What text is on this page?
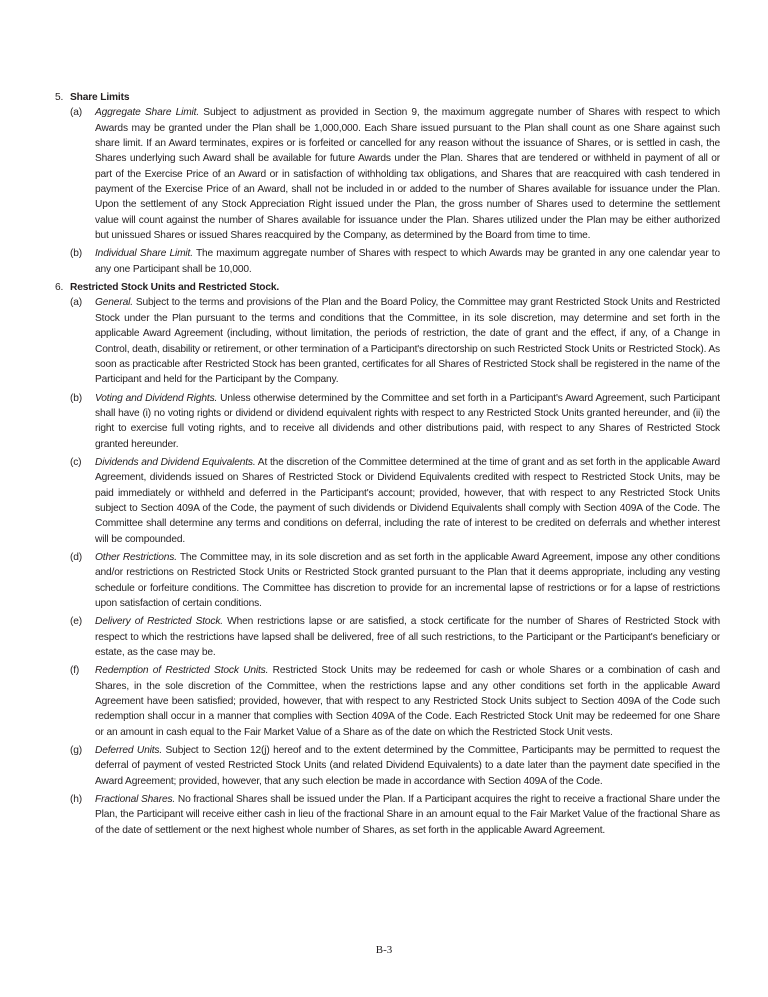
5. Share Limits
(a)	Aggregate Share Limit. Subject to adjustment as provided in Section 9, the maximum aggregate number of Shares with respect to which Awards may be granted under the Plan shall be 1,000,000. Each Share issued pursuant to the Plan shall count as one Share against such share limit. If an Award terminates, expires or is forfeited or cancelled for any reason without the issuance of Shares, or is settled in cash, the Shares underlying such Award shall be available for future Awards under the Plan. Shares that are tendered or withheld in payment of all or part of the Exercise Price of an Award or in satisfaction of withholding tax obligations, and Shares that are reacquired with cash tendered in payment of the Exercise Price of an Award, shall not be included in or added to the number of Shares available for issuance under the Plan. Upon the settlement of any Stock Appreciation Right issued under the Plan, the gross number of Shares used to determine the settlement value will count against the number of Shares available for issuance under the Plan. Shares utilized under the Plan may be either authorized but unissued Shares or issued Shares reacquired by the Company, as determined by the Board from time to time.
(b)	Individual Share Limit. The maximum aggregate number of Shares with respect to which Awards may be granted in any one calendar year to any one Participant shall be 10,000.
6. Restricted Stock Units and Restricted Stock.
(a)	General. Subject to the terms and provisions of the Plan and the Board Policy, the Committee may grant Restricted Stock Units and Restricted Stock under the Plan pursuant to the terms and conditions that the Committee, in its sole discretion, may determine and set forth in the applicable Award Agreement (including, without limitation, the periods of restriction, the date of grant and the effect, if any, of a Change in Control, death, disability or retirement, or other termination of a Participant's directorship on such Restricted Stock Units or Restricted Stock). As soon as practicable after Restricted Stock has been granted, certificates for all Shares of Restricted Stock shall be registered in the name of the Participant and held for the Participant by the Company.
(b)	Voting and Dividend Rights. Unless otherwise determined by the Committee and set forth in a Participant's Award Agreement, such Participant shall have (i) no voting rights or dividend or dividend equivalent rights with respect to any Restricted Stock Units granted hereunder, and (ii) the right to exercise full voting rights, and to receive all dividends and other distributions paid, with respect to any Shares of Restricted Stock granted hereunder.
(c)	Dividends and Dividend Equivalents. At the discretion of the Committee determined at the time of grant and as set forth in the applicable Award Agreement, dividends issued on Shares of Restricted Stock or Dividend Equivalents credited with respect to Restricted Stock Units, may be paid immediately or withheld and deferred in the Participant's account; provided, however, that with respect to any Restricted Stock Units subject to Section 409A of the Code, the payment of such dividends or Dividend Equivalents shall comply with Section 409A of the Code. The Committee shall determine any terms and conditions on deferral, including the rate of interest to be credited on deferrals and whether interest will be compounded.
(d)	Other Restrictions. The Committee may, in its sole discretion and as set forth in the applicable Award Agreement, impose any other conditions and/or restrictions on Restricted Stock Units or Restricted Stock granted pursuant to the Plan that it deems appropriate, including any vesting schedule or forfeiture conditions. The Committee has discretion to provide for an incremental lapse of restrictions or for a lapse of restrictions upon satisfaction of certain conditions.
(e)	Delivery of Restricted Stock. When restrictions lapse or are satisfied, a stock certificate for the number of Shares of Restricted Stock with respect to which the restrictions have lapsed shall be delivered, free of all such restrictions, to the Participant or the Participant's beneficiary or estate, as the case may be.
(f)	Redemption of Restricted Stock Units. Restricted Stock Units may be redeemed for cash or whole Shares or a combination of cash and Shares, in the sole discretion of the Committee, when the restrictions lapse and any other conditions set forth in the applicable Award Agreement have been satisfied; provided, however, that with respect to any Restricted Stock Units subject to Section 409A of the Code such redemption shall occur in a manner that complies with Section 409A of the Code. Each Restricted Stock Unit may be redeemed for one Share or an amount in cash equal to the Fair Market Value of a Share as of the date on which the Restricted Stock Unit vests.
(g)	Deferred Units. Subject to Section 12(j) hereof and to the extent determined by the Committee, Participants may be permitted to request the deferral of payment of vested Restricted Stock Units (and related Dividend Equivalents) to a date later than the payment date specified in the Award Agreement; provided, however, that any such election be made in accordance with Section 409A of the Code.
(h)	Fractional Shares. No fractional Shares shall be issued under the Plan. If a Participant acquires the right to receive a fractional Share under the Plan, the Participant will receive either cash in lieu of the fractional Share in an amount equal to the Fair Market Value of the fractional Share as of the date of settlement or the next highest whole number of Shares, as set forth in the applicable Award Agreement.
B-3
